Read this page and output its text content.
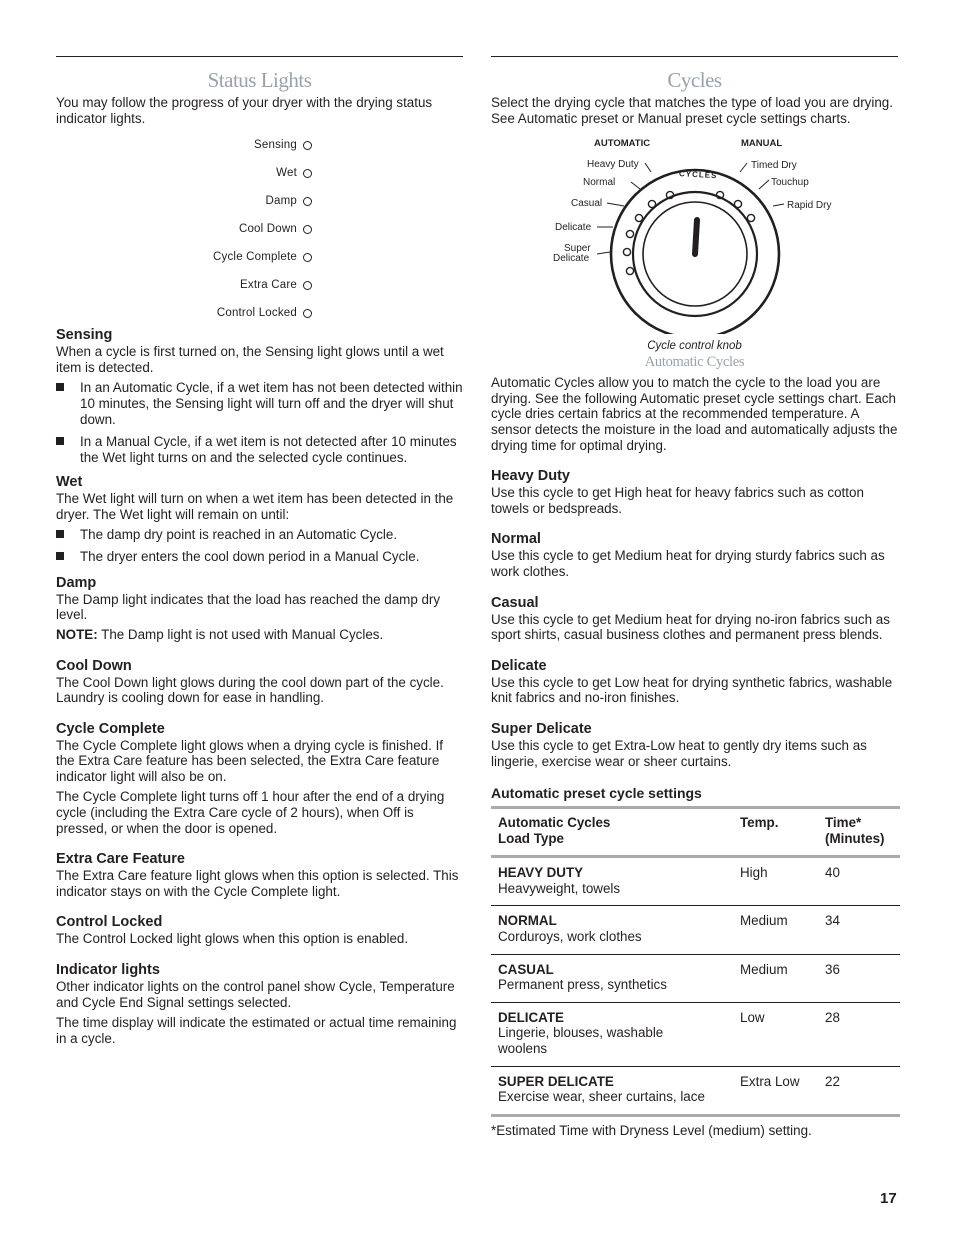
Status Lights

You may follow the progress of your dryer with the drying status indicator lights.

Sensing
Wet
Damp
Cool Down
Cycle Complete
Extra Care
Control Locked
Sensing

When a cycle is first turned on, the Sensing light glows until a wet item is detected.

In an Automatic Cycle, if a wet item has not been detected within 10 minutes, the Sensing light will turn off and the dryer will shut down.
In a Manual Cycle, if a wet item is not detected after 10 minutes the Wet light turns on and the selected cycle continues.
Wet

The Wet light will turn on when a wet item has been detected in the dryer. The Wet light will remain on until:

The damp dry point is reached in an Automatic Cycle.
The dryer enters the cool down period in a Manual Cycle.
Damp

The Damp light indicates that the load has reached the damp dry level.

NOTE: The Damp light is not used with Manual Cycles.

Cool Down

The Cool Down light glows during the cool down part of the cycle. Laundry is cooling down for ease in handling.

Cycle Complete

The Cycle Complete light glows when a drying cycle is finished. If the Extra Care feature has been selected, the Extra Care feature indicator light will also be on.

The Cycle Complete light turns off 1 hour after the end of a drying cycle (including the Extra Care cycle of 2 hours), when Off is pressed, or when the door is opened.

Extra Care Feature

The Extra Care feature light glows when this option is selected. This indicator stays on with the Cycle Complete light.

Control Locked

The Control Locked light glows when this option is enabled.

Indicator lights

Other indicator lights on the control panel show Cycle, Temperature and Cycle End Signal settings selected.

The time display will indicate the estimated or actual time remaining in a cycle.

Cycles

Select the drying cycle that matches the type of load you are drying. See Automatic preset or Manual preset cycle settings charts.

AUTOMATIC	MANUAL
Heavy Duty
Normal
Casual
Delicate
Super
Delicate
Timed Dry
Touchup
Rapid Dry
CYCLES
Cycle control knob
Automatic Cycles

Automatic Cycles allow you to match the cycle to the load you are drying. See the following Automatic preset cycle settings chart. Each cycle dries certain fabrics at the recommended temperature. A sensor detects the moisture in the load and automatically adjusts the drying time for optimal drying.

Heavy Duty

Use this cycle to get High heat for heavy fabrics such as cotton towels or bedspreads.

Normal

Use this cycle to get Medium heat for drying sturdy fabrics such as work clothes.

Casual

Use this cycle to get Medium heat for drying no-iron fabrics such as sport shirts, casual business clothes and permanent press blends.

Delicate

Use this cycle to get Low heat for drying synthetic fabrics, washable knit fabrics and no-iron finishes.

Super Delicate

Use this cycle to get Extra-Low heat to gently dry items such as lingerie, exercise wear or sheer curtains.

Automatic preset cycle settings
Automatic Cycles
Load Type	Temp.	Time*
(Minutes)
HEAVY DUTY
Heavyweight, towels	High	40
NORMAL
Corduroys, work clothes	Medium	34
CASUAL
Permanent press, synthetics	Medium	36
DELICATE
Lingerie, blouses, washable woolens	Low	28
SUPER DELICATE
Exercise wear, sheer curtains, lace	Extra Low	22

*Estimated Time with Dryness Level (medium) setting.

17
